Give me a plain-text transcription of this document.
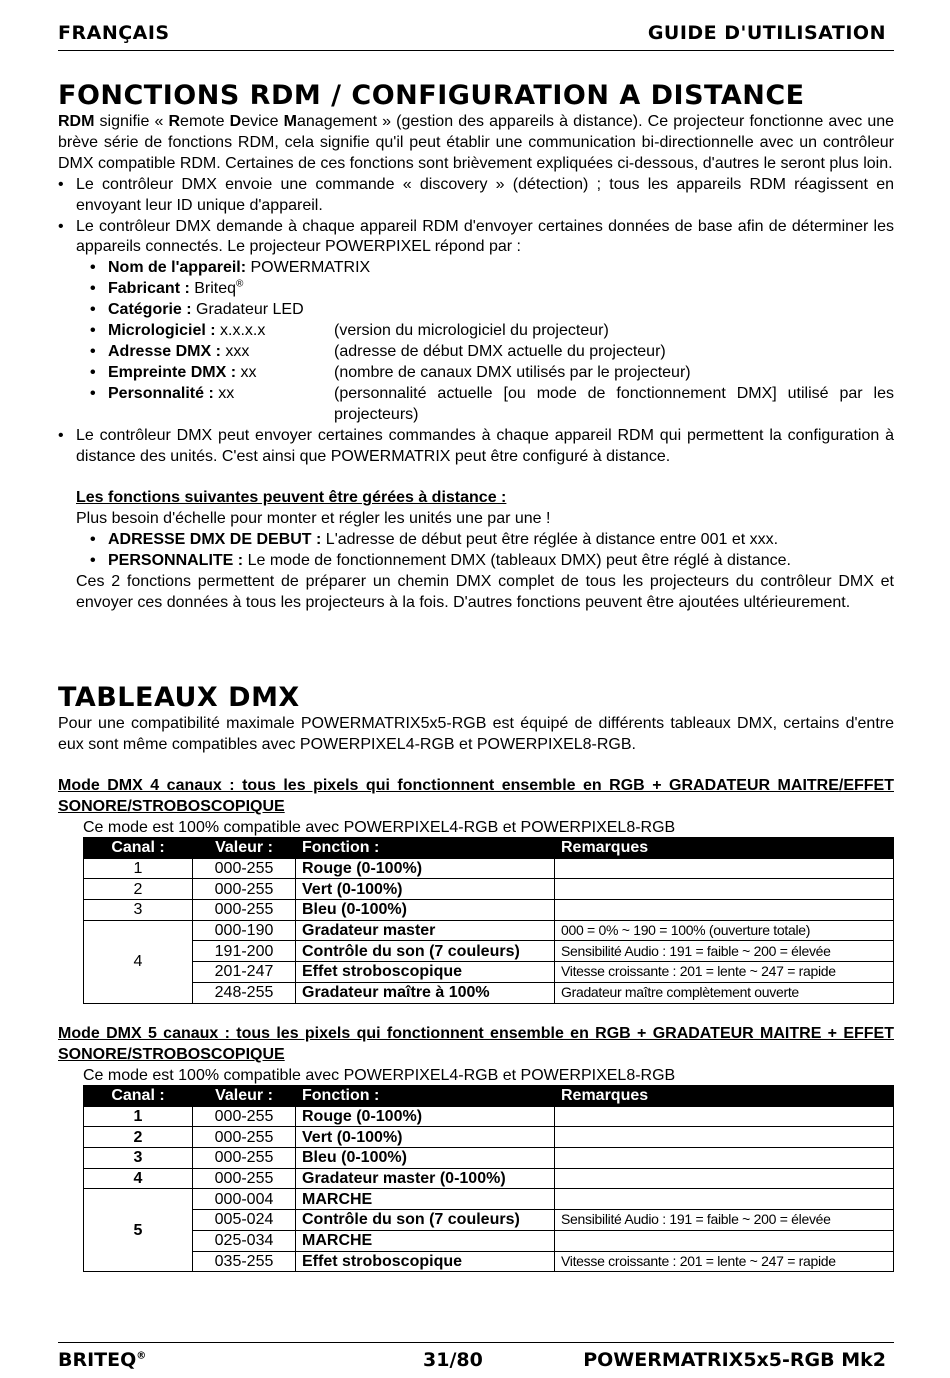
FRANÇAIS	GUIDE D'UTILISATION
FONCTIONS RDM / CONFIGURATION A DISTANCE

RDM signifie « Remote Device Management » (gestion des appareils à distance). Ce projecteur fonctionne avec une brève série de fonctions RDM, cela signifie qu'il peut établir une communication bi-directionnelle avec un contrôleur DMX compatible RDM. Certaines de ces fonctions sont brièvement expliquées ci-dessous, d'autres le seront plus loin.

• Le contrôleur DMX envoie une commande « discovery » (détection) ; tous les appareils RDM réagissent en envoyant leur ID unique d'appareil.
• Le contrôleur DMX demande à chaque appareil RDM d'envoyer certaines données de base afin de déterminer les appareils connectés. Le projecteur POWERPIXEL répond par :
• Nom de l'appareil: POWERMATRIX
• Fabricant : Briteq®
• Catégorie : Gradateur LED
• Micrologiciel : x.x.x.x	(version du micrologiciel du projecteur)
• Adresse DMX : xxx	(adresse de début DMX actuelle du projecteur)
• Empreinte DMX : xx	(nombre de canaux DMX utilisés par le projecteur)
• Personnalité : xx	(personnalité actuelle [ou mode de fonctionnement DMX] utilisé par les projecteurs)
• Le contrôleur DMX peut envoyer certaines commandes à chaque appareil RDM qui permettent la configuration à distance des unités. C'est ainsi que POWERMATRIX peut être configuré à distance.

Les fonctions suivantes peuvent être gérées à distance :

Plus besoin d'échelle pour monter et régler les unités une par une !

• ADRESSE DMX DE DEBUT : L'adresse de début peut être réglée à distance entre 001 et xxx.
• PERSONNALITE : Le mode de fonctionnement DMX (tableaux DMX) peut être réglé à distance.

Ces 2 fonctions permettent de préparer un chemin DMX complet de tous les projecteurs du contrôleur DMX et envoyer ces données à tous les projecteurs à la fois. D'autres fonctions peuvent être ajoutées ultérieurement.

TABLEAUX DMX

Pour une compatibilité maximale POWERMATRIX5x5-RGB est équipé de différents tableaux DMX, certains d'entre eux sont même compatibles avec POWERPIXEL4-RGB et POWERPIXEL8-RGB.

Mode DMX 4 canaux : tous les pixels qui fonctionnent ensemble en RGB + GRADATEUR MAITRE/EFFET SONORE/STROBOSCOPIQUE

Ce mode est 100% compatible avec POWERPIXEL4-RGB et POWERPIXEL8-RGB

Canal :	Valeur :	Fonction :	Remarques
1	000-255	Rouge (0-100%)	
2	000-255	Vert (0-100%)	
3	000-255	Bleu (0-100%)	
4	000-190	Gradateur master	000 = 0% ~ 190 = 100% (ouverture totale)
	191-200	Contrôle du son (7 couleurs)	Sensibilité Audio : 191 = faible ~ 200 = élevée
	201-247	Effet stroboscopique	Vitesse croissante : 201 = lente ~ 247 = rapide
	248-255	Gradateur maître à 100%	Gradateur maître complètement ouverte

Mode DMX 5 canaux : tous les pixels qui fonctionnent ensemble en RGB + GRADATEUR MAITRE + EFFET SONORE/STROBOSCOPIQUE

Ce mode est 100% compatible avec POWERPIXEL4-RGB et POWERPIXEL8-RGB

Canal :	Valeur :	Fonction :	Remarques
1	000-255	Rouge (0-100%)	
2	000-255	Vert (0-100%)	
3	000-255	Bleu (0-100%)	
4	000-255	Gradateur master (0-100%)	
5	000-004	MARCHE	
	005-024	Contrôle du son (7 couleurs)	Sensibilité Audio : 191 = faible ~ 200 = élevée
	025-034	MARCHE	
	035-255	Effet stroboscopique	Vitesse croissante : 201 = lente ~ 247 = rapide
BRITEQ®	31/80	POWERMATRIX5x5-RGB Mk2
